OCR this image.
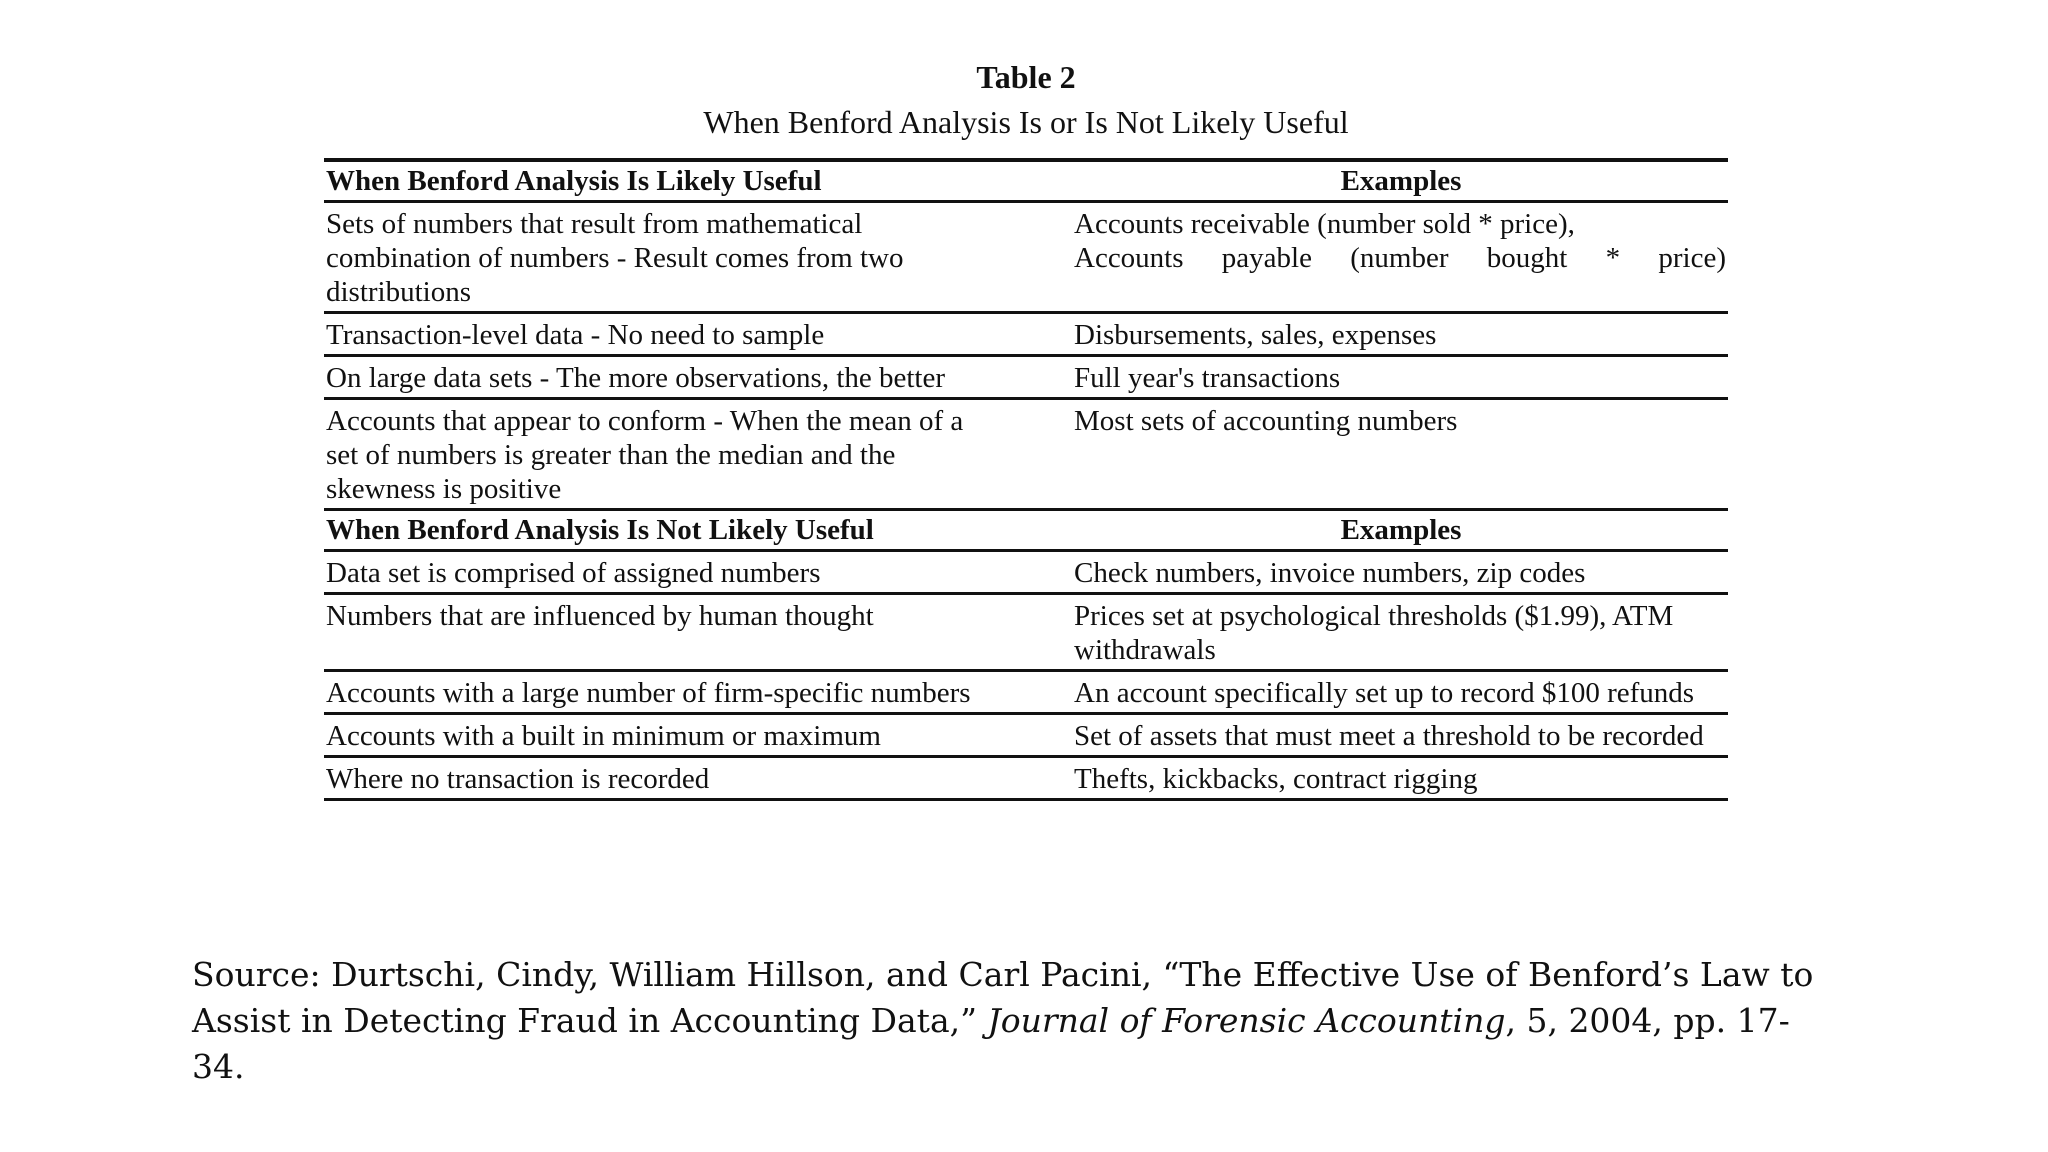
Table 2
When Benford Analysis Is or Is Not Likely Useful

When Benford Analysis Is Likely Useful	Examples
Sets of numbers that result from mathematical combination of numbers - Result comes from two distributions	Accounts receivable (number sold * price),
Accounts payable (number bought * price)

Transaction-level data - No need to sample	Disbursements, sales, expenses
On large data sets - The more observations, the better	Full year's transactions
Accounts that appear to conform - When the mean of a set of numbers is greater than the median and the skewness is positive	Most sets of accounting numbers
When Benford Analysis Is Not Likely Useful	Examples
Data set is comprised of assigned numbers	Check numbers, invoice numbers, zip codes
Numbers that are influenced by human thought	Prices set at psychological thresholds ($1.99), ATM withdrawals
Accounts with a large number of firm-specific numbers	An account specifically set up to record $100 refunds
Accounts with a built in minimum or maximum	Set of assets that must meet a threshold to be recorded
Where no transaction is recorded	Thefts, kickbacks, contract rigging
Source: Durtschi, Cindy, William Hillson, and Carl Pacini, “The Effective Use of Benford’s Law to Assist in Detecting Fraud in Accounting Data,” Journal of Forensic Accounting, 5, 2004, pp. 17-34.
